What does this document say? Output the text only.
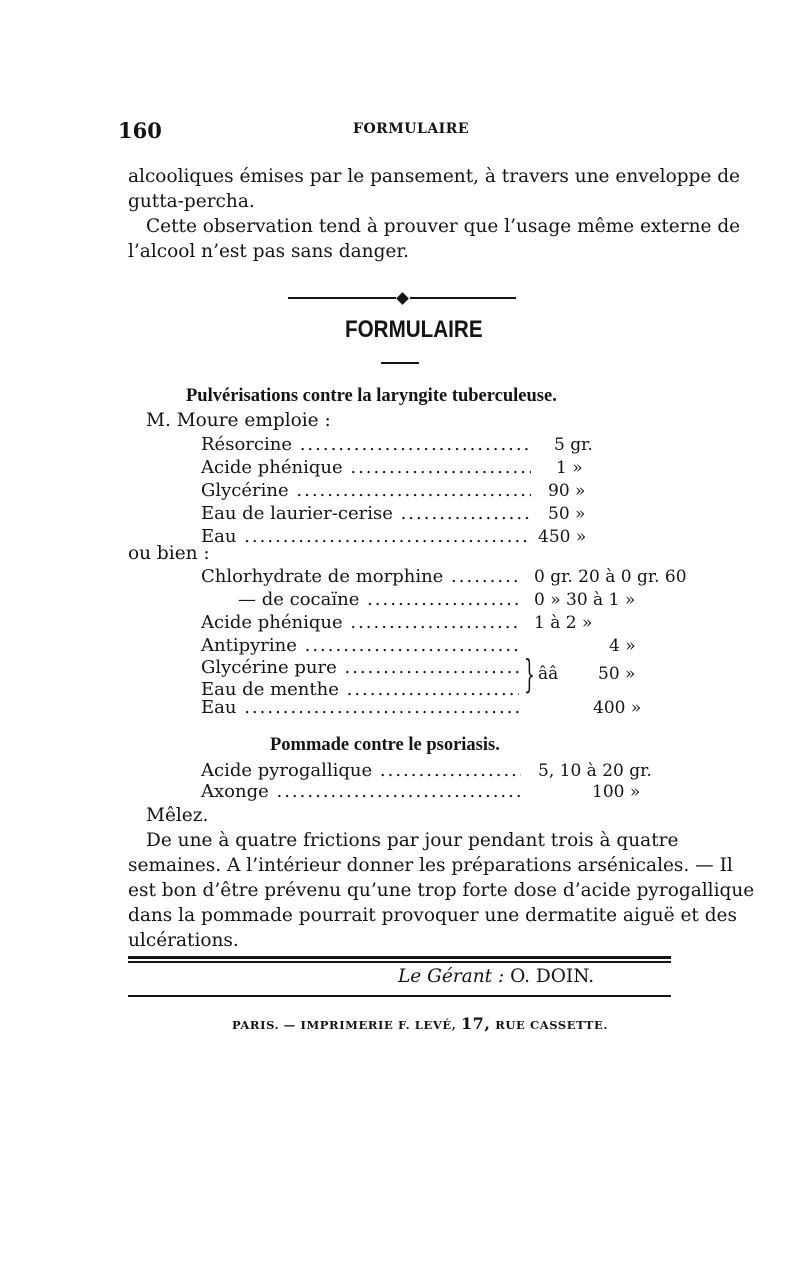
160	FORMULAIRE
alcooliques émises par le pansement, à travers une enveloppe de
gutta-percha.
Cette observation tend à prouver que l’usage même externe de
l’alcool n’est pas sans danger.
FORMULAIRE
Pulvérisations contre la laryngite tuberculeuse.
M. Moure emploie :
Résorcine .....	5 gr.
Acide phénique .....	1 »
Glycérine .....	90 »
Eau de laurier-cerise .....	50 »
Eau .....	450 »
ou bien :
Chlorhydrate de morphine .....	0 gr. 20 à 0 gr. 60
— de cocaïne .....	0 » 30 à 1 »
Acide phénique .....	1 à 2 »
Antipyrine .....	4 »
Glycérine pure .....
Eau de menthe .....	} ââ 50 »
Eau .....	400 »
Pommade contre le psoriasis.
Acide pyrogallique .....	5, 10 à 20 gr.
Axonge .....	100 »
Mêlez.
De une à quatre frictions par jour pendant trois à quatre
semaines. A l’intérieur donner les préparations arsénicales. — Il
est bon d’être prévenu qu’une trop forte dose d’acide pyrogallique
dans la pommade pourrait provoquer une dermatite aiguë et des
ulcérations.
Le Gérant : O. DOIN.
PARIS. — IMPRIMERIE F. LEVÉ, 17, RUE CASSETTE.
